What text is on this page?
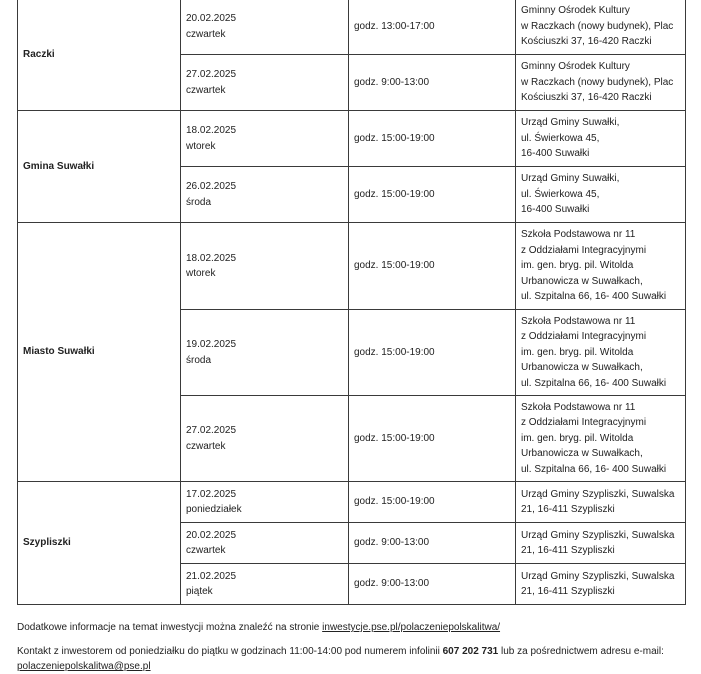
Raczki	20.02.2025
czwartek	godz. 13:00-17:00	Gminny Ośrodek Kultury
w Raczkach (nowy budynek), Plac
Kościuszki 37, 16-420 Raczki

	27.02.2025
czwartek	godz. 9:00-13:00	Gminny Ośrodek Kultury
w Raczkach (nowy budynek), Plac
Kościuszki 37, 16-420 Raczki

Gmina Suwałki	18.02.2025
wtorek	godz. 15:00-19:00	Urząd Gminy Suwałki,
ul. Świerkowa 45,
16-400 Suwałki

	26.02.2025
środa	godz. 15:00-19:00	Urząd Gminy Suwałki,
ul. Świerkowa 45,
16-400 Suwałki

Miasto Suwałki	18.02.2025
wtorek	godz. 15:00-19:00	Szkoła Podstawowa nr 11
z Oddziałami Integracyjnymi
im. gen. bryg. pil. Witolda
Urbanowicza w Suwałkach,
ul. Szpitalna 66, 16- 400 Suwałki

	19.02.2025
środa	godz. 15:00-19:00	Szkoła Podstawowa nr 11
z Oddziałami Integracyjnymi
im. gen. bryg. pil. Witolda
Urbanowicza w Suwałkach,
ul. Szpitalna 66, 16- 400 Suwałki

	27.02.2025
czwartek	godz. 15:00-19:00	Szkoła Podstawowa nr 11
z Oddziałami Integracyjnymi
im. gen. bryg. pil. Witolda
Urbanowicza w Suwałkach,
ul. Szpitalna 66, 16- 400 Suwałki

Szypliszki	17.02.2025
poniedziałek	godz. 15:00-19:00	Urząd Gminy Szypliszki, Suwalska
21, 16-411 Szypliszki

	20.02.2025
czwartek	godz. 9:00-13:00	Urząd Gminy Szypliszki, Suwalska
21, 16-411 Szypliszki

	21.02.2025
piątek	godz. 9:00-13:00	Urząd Gminy Szypliszki, Suwalska
21, 16-411 Szypliszki
Dodatkowe informacje na temat inwestycji można znaleźć na stronie inwestycje.pse.pl/polaczeniepolskalitwa/
Kontakt z inwestorem od poniedziałku do piątku w godzinach 11:00-14:00 pod numerem infolinii 607 202 731 lub za pośrednictwem adresu e-mail:
polaczeniepolskalitwa@pse.pl
